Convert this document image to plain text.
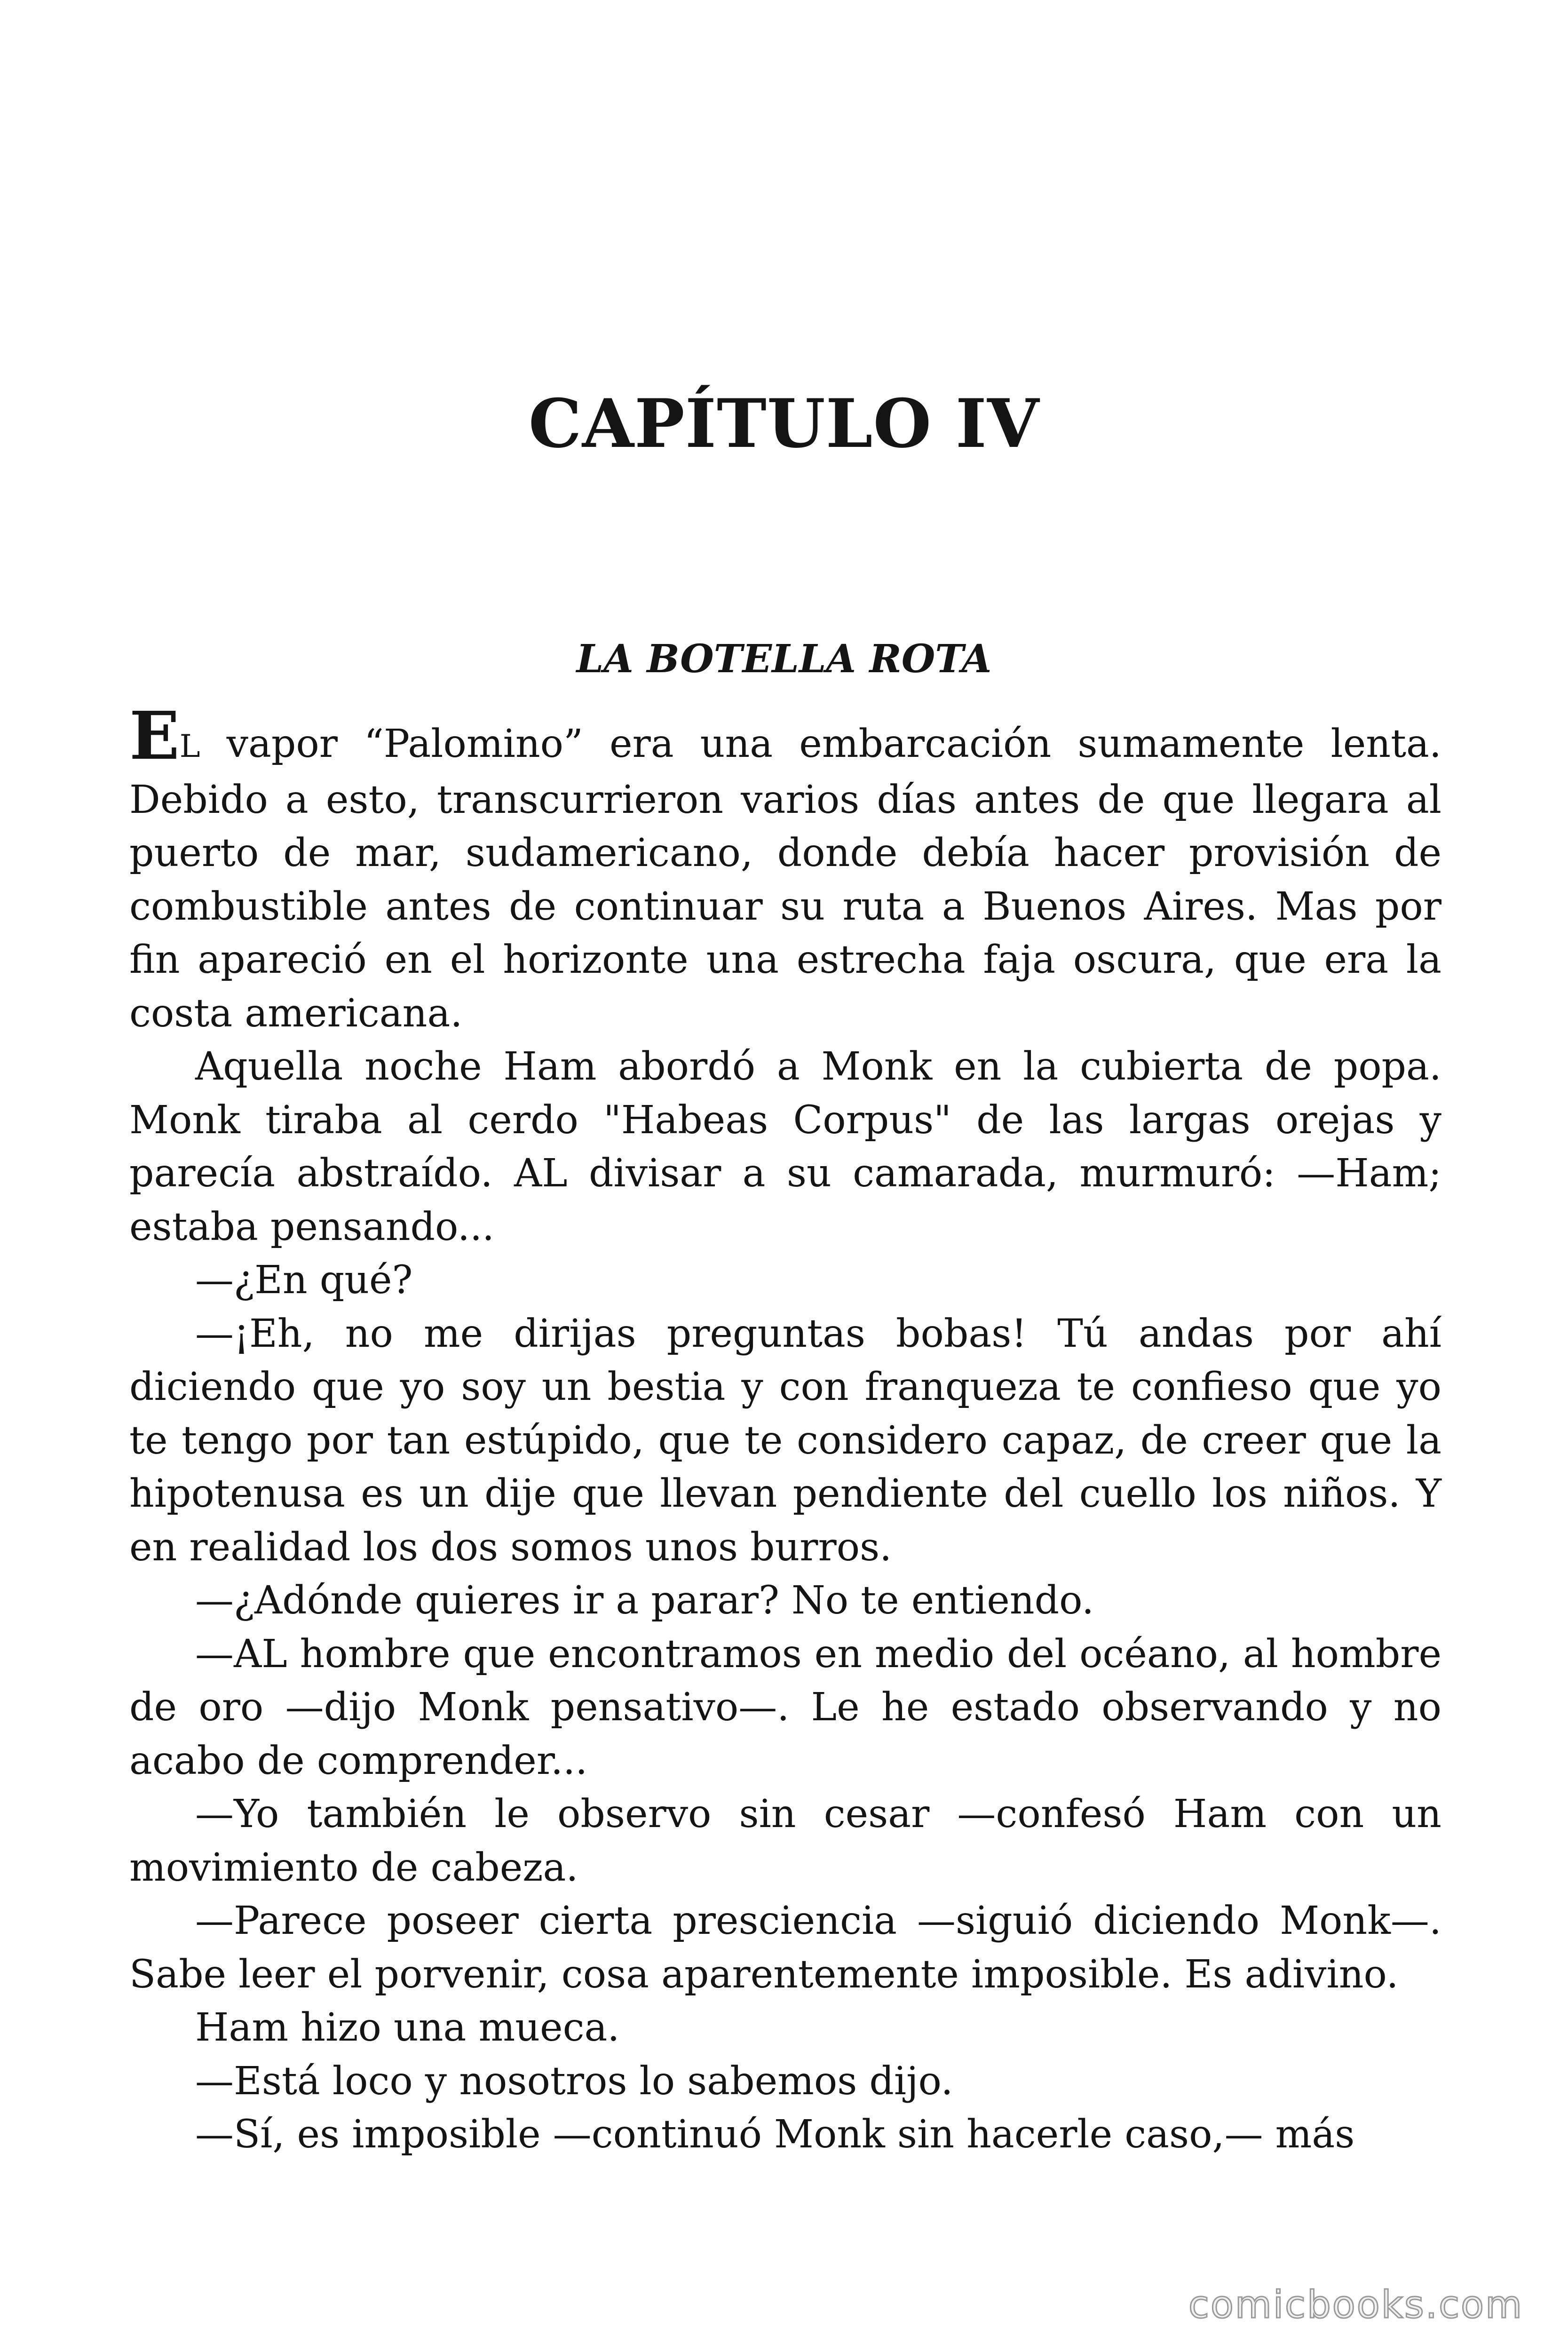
CAPÍTULO IV
LA BOTELLA ROTA

EL vapor “Palomino” era una embarcación sumamente lenta. Debido a esto, transcurrieron varios días antes de que llegara al puerto de mar, sudamericano, donde debía hacer provisión de combustible antes de continuar su ruta a Buenos Aires. Mas por fin apareció en el horizonte una estrecha faja oscura, que era la costa americana.

Aquella noche Ham abordó a Monk en la cubierta de popa. Monk tiraba al cerdo "Habeas Corpus" de las largas orejas y parecía abstraído. AL divisar a su camarada, murmuró: —Ham; estaba pensando...

—¿En qué?

—¡Eh, no me dirijas preguntas bobas! Tú andas por ahí diciendo que yo soy un bestia y con franqueza te confieso que yo te tengo por tan estúpido, que te considero capaz, de creer que la hipotenusa es un dije que llevan pendiente del cuello los niños. Y en realidad los dos somos unos burros.

—¿Adónde quieres ir a parar? No te entiendo.

—AL hombre que encontramos en medio del océano, al hombre de oro —dijo Monk pensativo—. Le he estado observando y no acabo de comprender...

—Yo también le observo sin cesar —confesó Ham con un movimiento de cabeza.

—Parece poseer cierta presciencia —siguió diciendo Monk—. Sabe leer el porvenir, cosa aparentemente imposible. Es adivino.

Ham hizo una mueca.

—Está loco y nosotros lo sabemos dijo.

—Sí, es imposible —continuó Monk sin hacerle caso,— más

comicbooks.com
